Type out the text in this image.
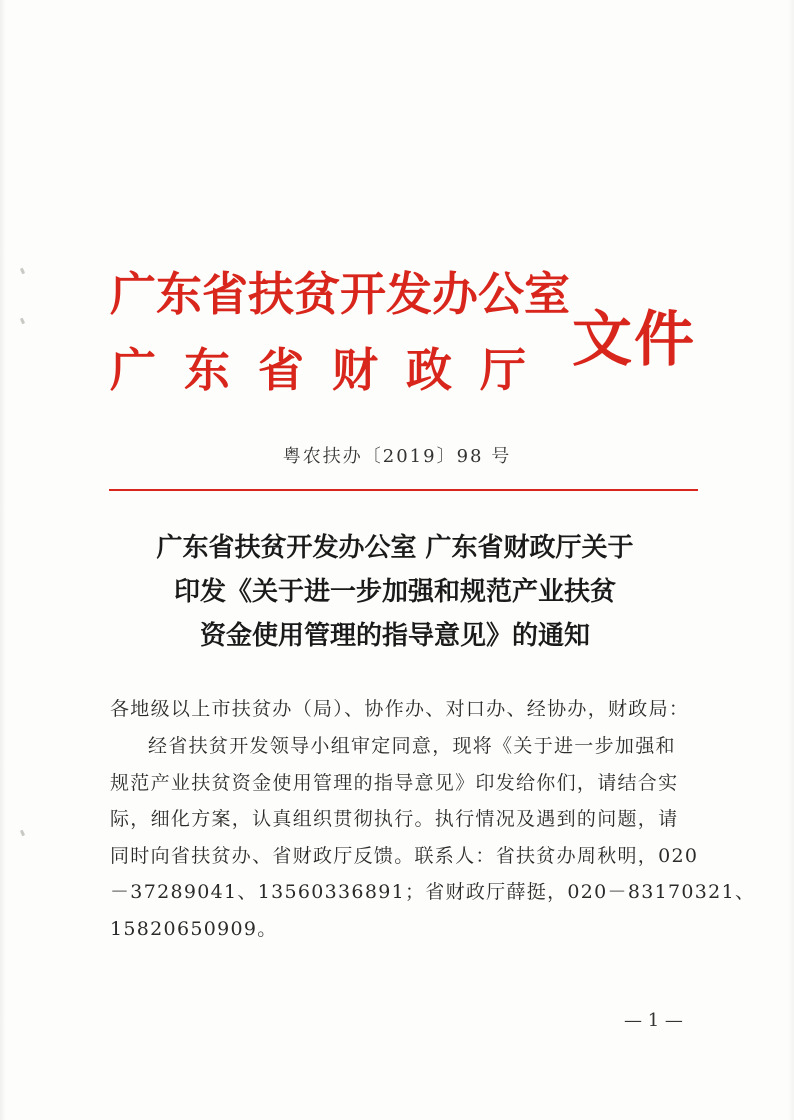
广东省扶贫开发办公室
广东省财政厅 文件
粤农扶办〔2019〕98 号
广东省扶贫开发办公室 广东省财政厅关于
印发《关于进一步加强和规范产业扶贫
资金使用管理的指导意见》的通知
各地级以上市扶贫办（局）、协作办、对口办、经协办，财政局：
经省扶贫开发领导小组审定同意，现将《关于进一步加强和
规范产业扶贫资金使用管理的指导意见》印发给你们，请结合实
际，细化方案，认真组织贯彻执行。执行情况及遇到的问题，请
同时向省扶贫办、省财政厅反馈。联系人：省扶贫办周秋明，020
－37289041、13560336891；省财政厅薛挺，020－83170321、
15820650909。
— 1 —
